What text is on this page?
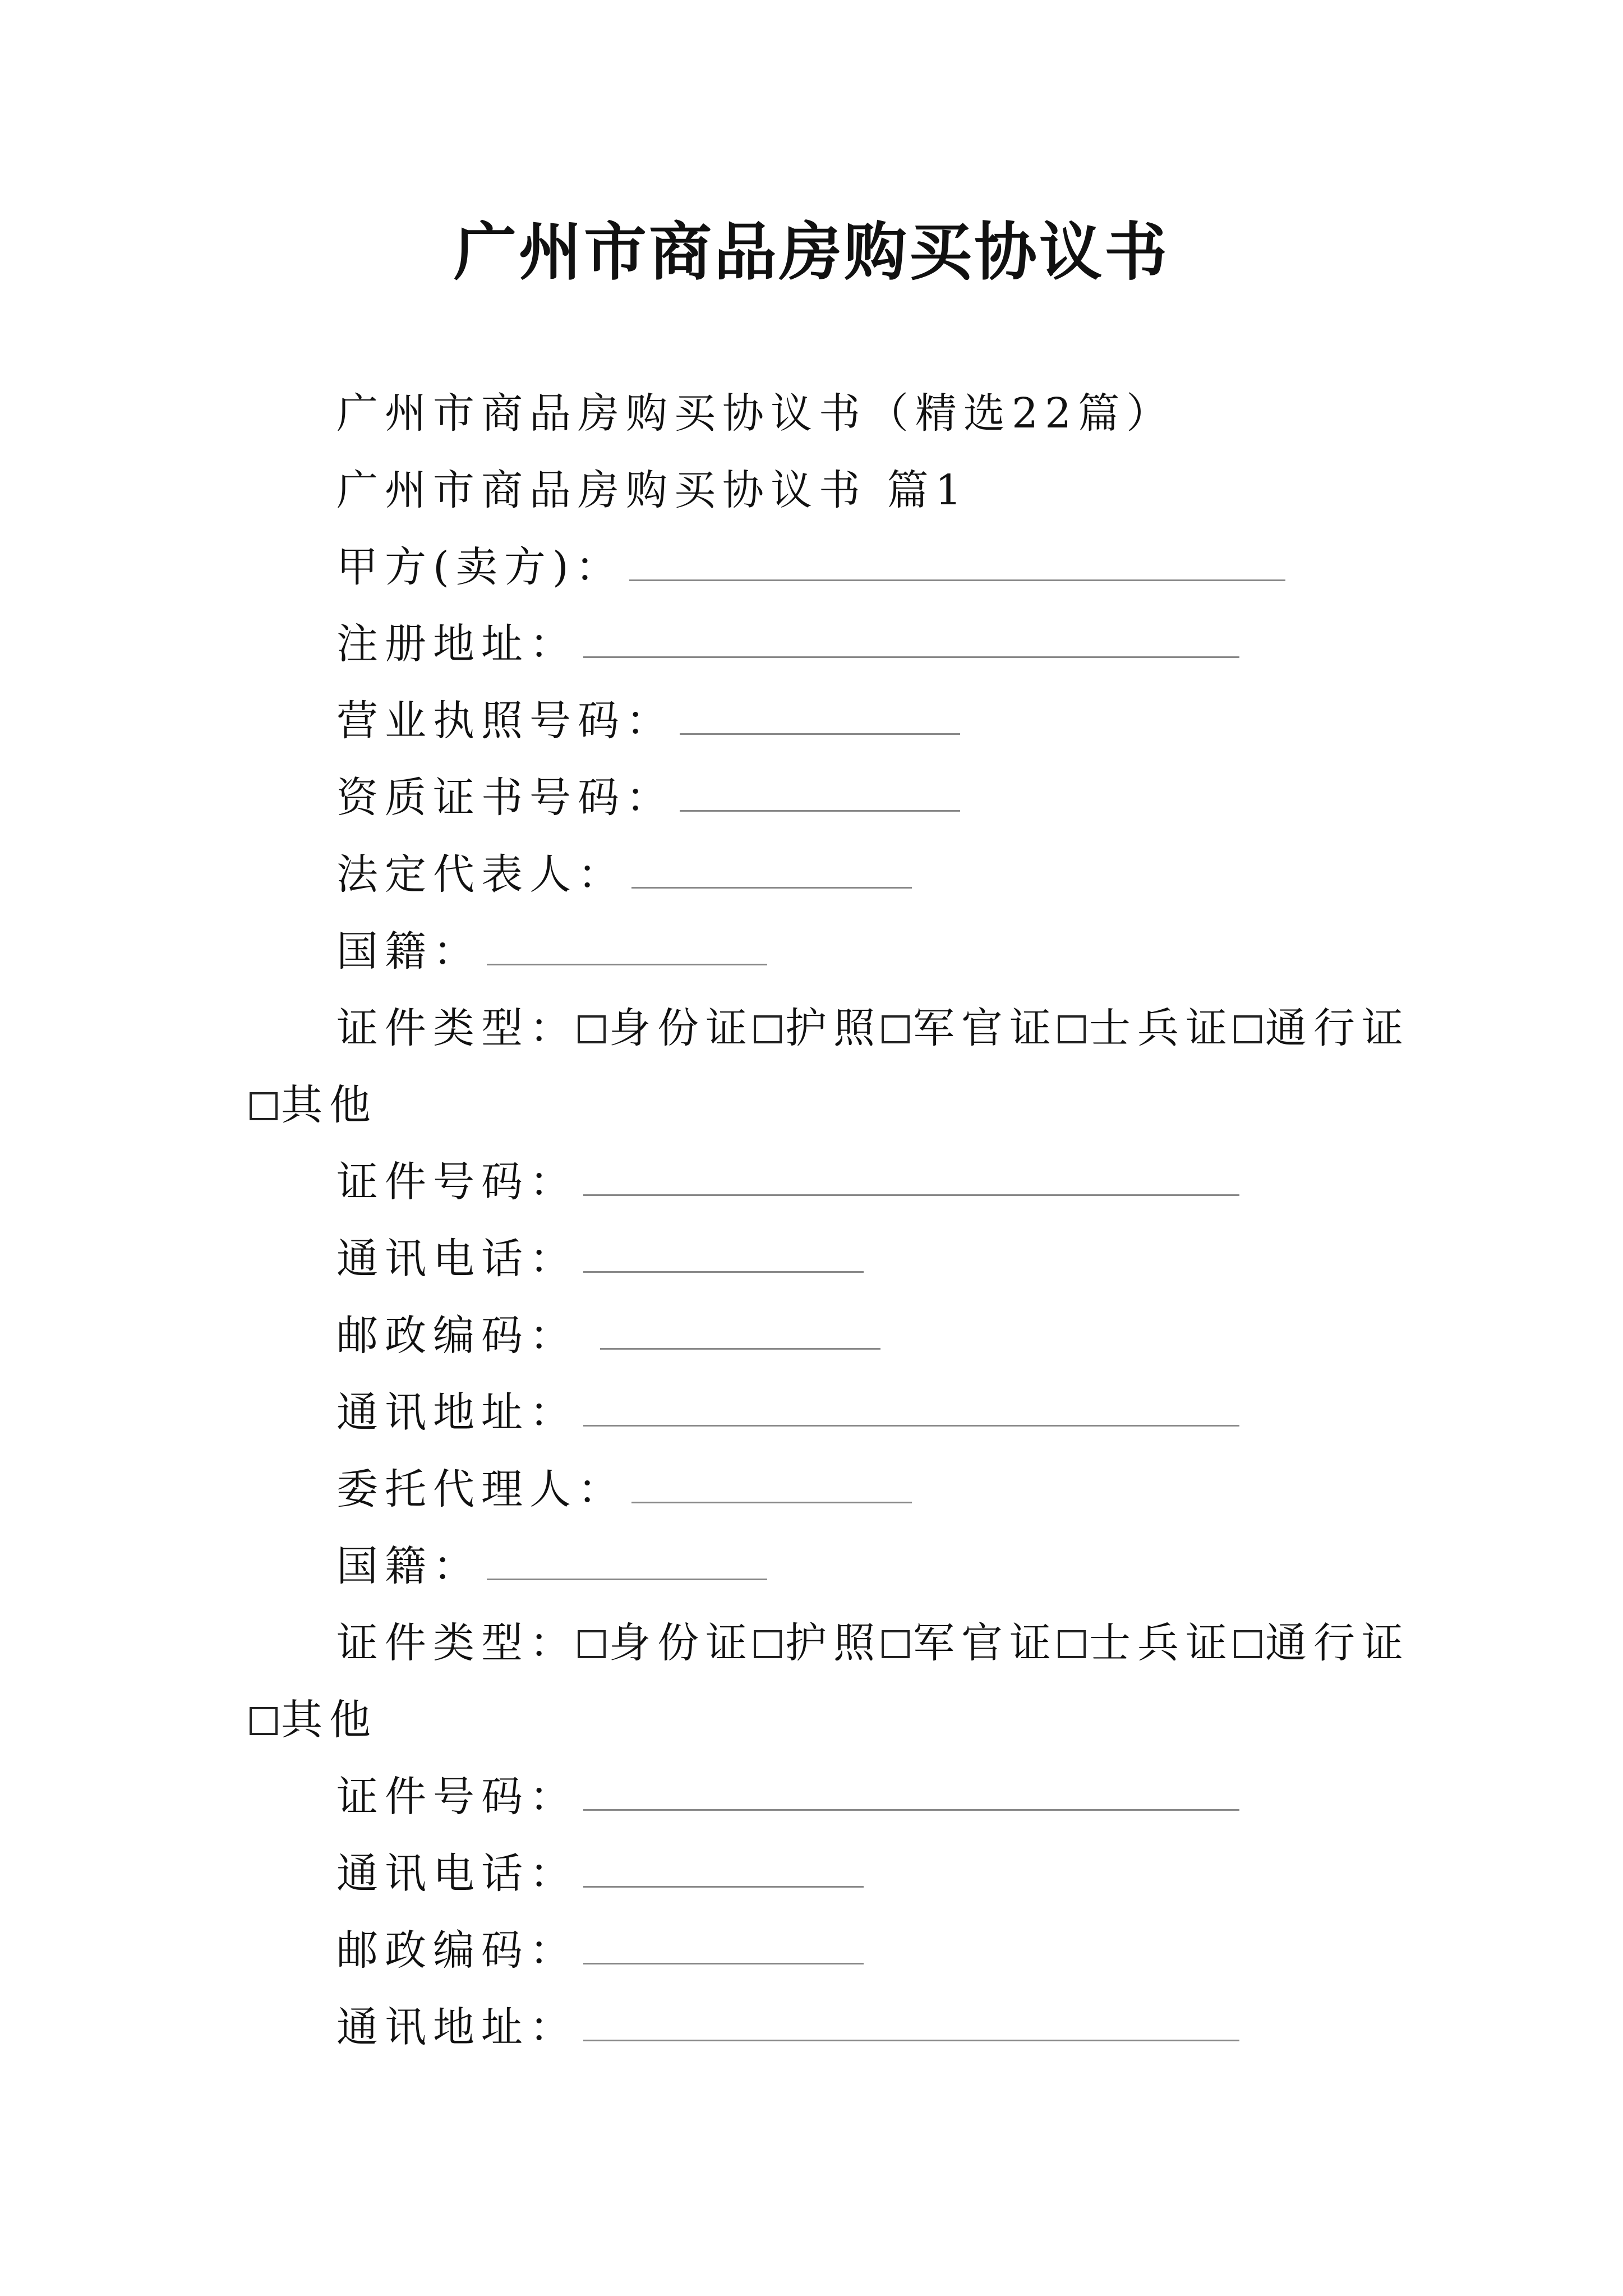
广州市商品房购买协议书
广州市商品房购买协议书（精选22篇）
广州市商品房购买协议书 篇1
甲方(卖方)：
注册地址：
营业执照号码：
资质证书号码：
法定代表人：
国籍：
证件类型： 身份证 护照 军官证 士兵证 通行证
其他
证件号码：
通讯电话：
邮政编码：
通讯地址：
委托代理人：
国籍：
证件类型： 身份证 护照 军官证 士兵证 通行证
其他
证件号码：
通讯电话：
邮政编码：
通讯地址：
